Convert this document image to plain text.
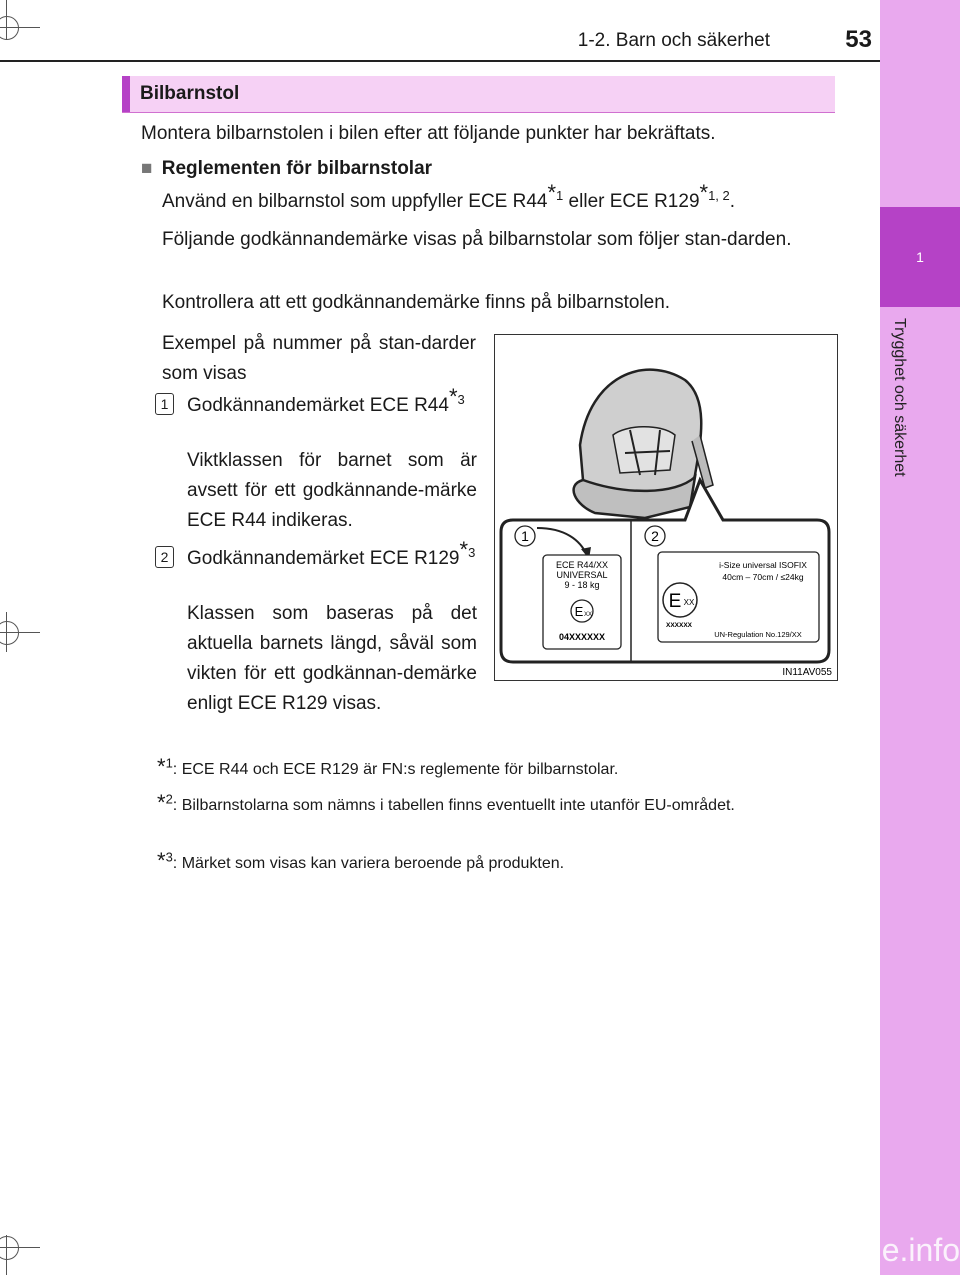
1
Trygghet och säkerhet
1-2. Barn och säkerhet	53
Bilbarnstol
Montera bilbarnstolen i bilen efter att följande punkter har bekräftats.
■ Reglementen för bilbarnstolar
Använd en bilbarnstol som uppfyller ECE R44$^{*1}$ eller ECE R129$^{*1, 2}$.
Följande godkännandemärke visas på bilbarnstolar som följer stan-darden.
Kontrollera att ett godkännandemärke finns på bilbarnstolen.
Exempel på nummer på stan-darder som visas
1 Godkännandemärket ECE R44$^{*3}$
Viktklassen för barnet som är avsett för ett godkännande-märke ECE R44 indikeras.
2 Godkännandemärket ECE R129$^{*3}$
Klassen som baseras på det aktuella barnets längd, såväl som vikten för ett godkännan-demärke enligt ECE R129 visas.
*$^1$: ECE R44 och ECE R129 är FN:s reglemente för bilbarnstolar.
*$^2$: Bilbarnstolarna som nämns i tabellen finns eventuellt inte utanför EU-området.
*$^3$: Märket som visas kan variera beroende på produkten.
1	2
ECE R44/XX
UNIVERSAL
9 - 18 kg
E XX
04XXXXXX
i-Size universal ISOFIX
40cm – 70cm / ≤24kg
E XX
XXXXXX
UN-Regulation No.129/XX
IN11AV055
carmanualsonline.info
